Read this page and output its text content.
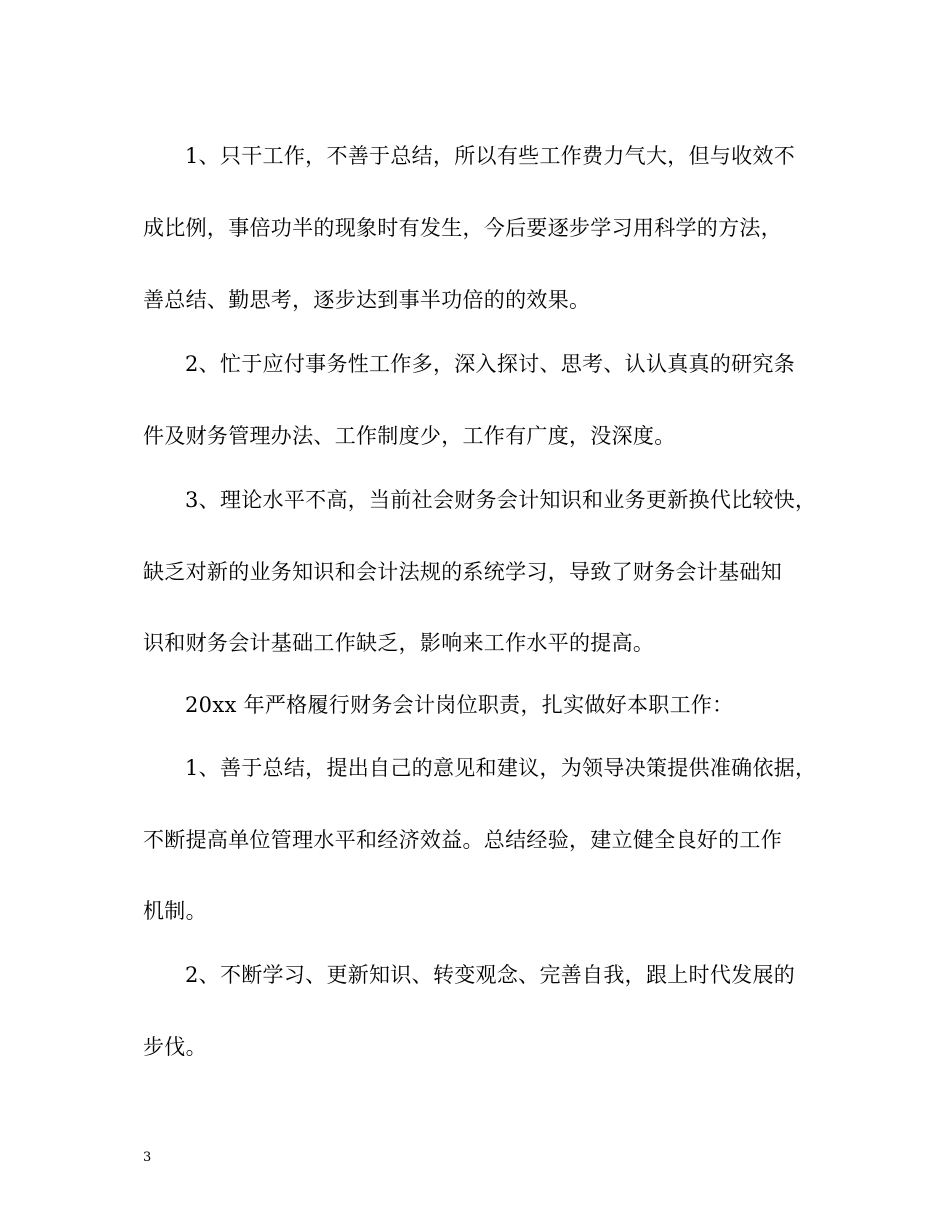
1、只干工作，不善于总结，所以有些工作费力气大，但与收效不

成比例，事倍功半的现象时有发生，今后要逐步学习用科学的方法，

善总结、勤思考，逐步达到事半功倍的的效果。

2、忙于应付事务性工作多，深入探讨、思考、认认真真的研究条

件及财务管理办法、工作制度少，工作有广度，没深度。

3、理论水平不高，当前社会财务会计知识和业务更新换代比较快，

缺乏对新的业务知识和会计法规的系统学习，导致了财务会计基础知

识和财务会计基础工作缺乏，影响来工作水平的提高。

20xx 年严格履行财务会计岗位职责，扎实做好本职工作：

1、善于总结，提出自己的意见和建议，为领导决策提供准确依据，

不断提高单位管理水平和经济效益。总结经验，建立健全良好的工作

机制。

2、不断学习、更新知识、转变观念、完善自我，跟上时代发展的

步伐。

3
